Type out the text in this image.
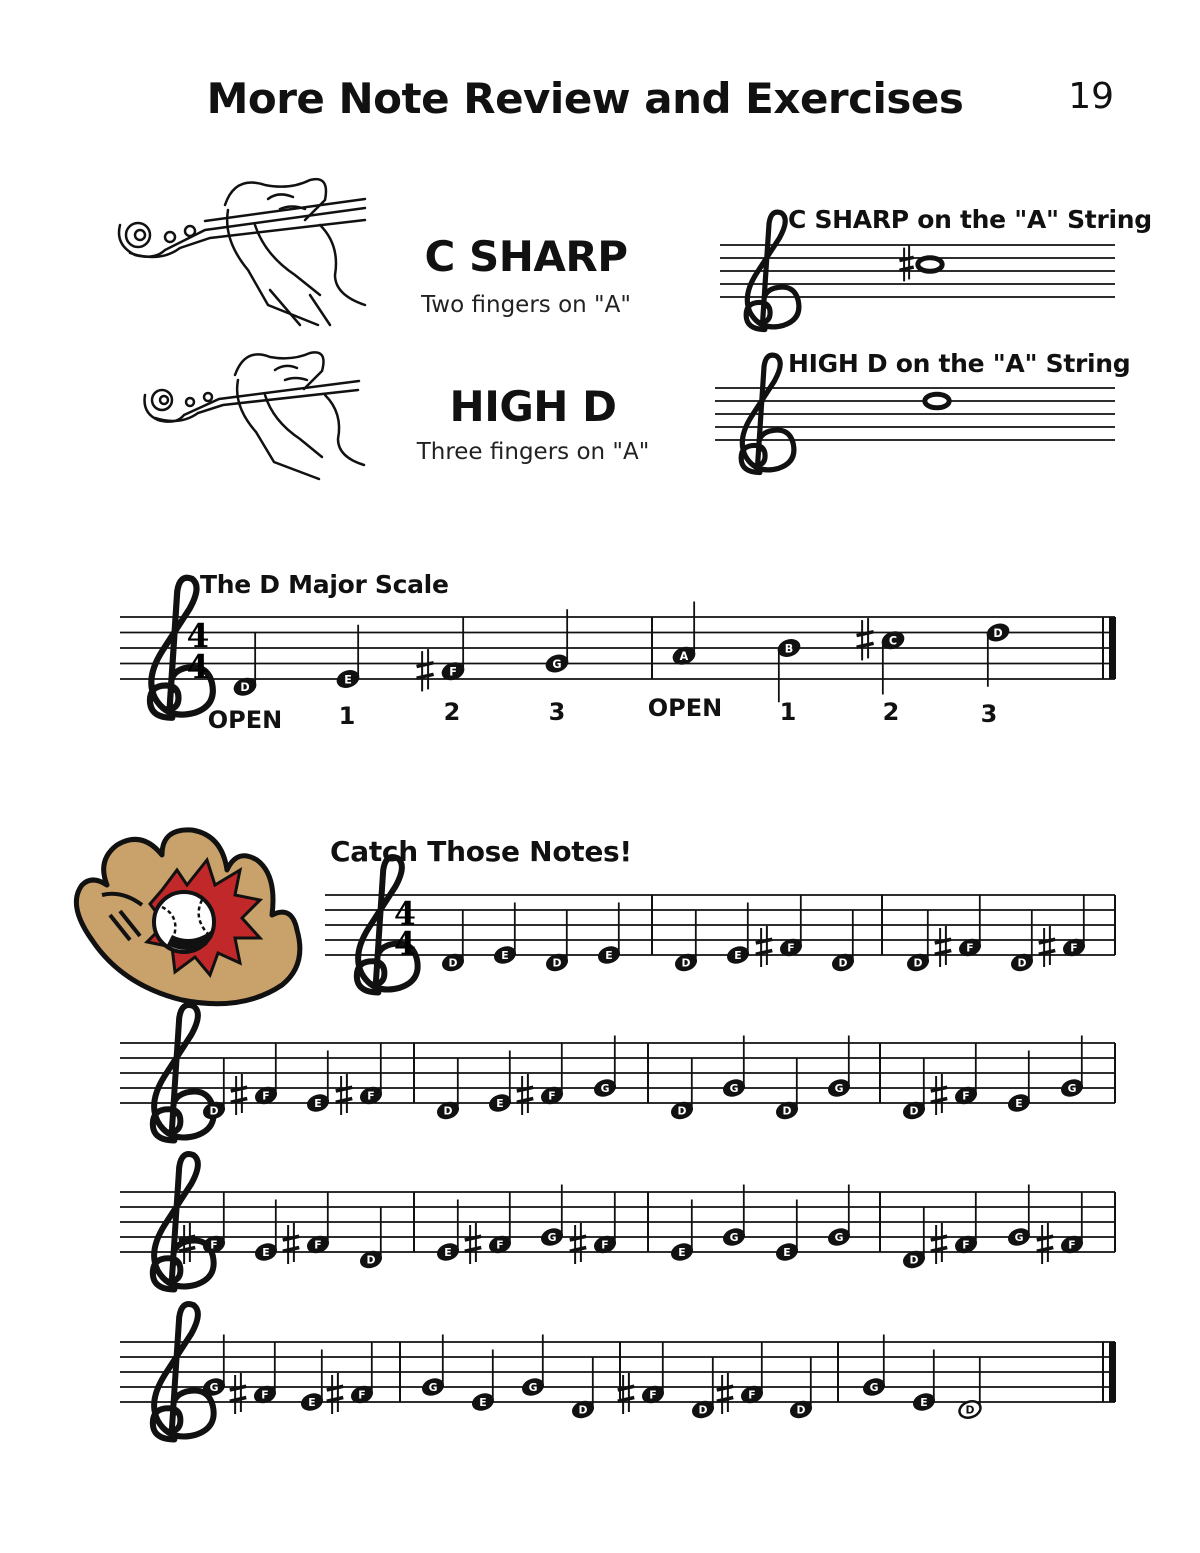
More Note Review and Exercises	19
C SHARP
Two fingers on "A"
HIGH D
Three fingers on "A"
C SHARP on the "A" String
HIGH D on the "A" String
The D Major Scale
Catch Those Notes!
OPEN	1	2	3	OPEN	1	2	3
4
4
D
E
F
G
A
B
C
D
4
4
D
E
D
E
D
E
F
D	D
F
D
F
D
F
E
F
D
E
F
G
D
G
D
G
D
F
E
G
F
E
F
D
E
F
G
F
E
G
E
G
D
F
G
F
G
F
E
F
G
E
G
D
F
D
F
D
G
E
D
